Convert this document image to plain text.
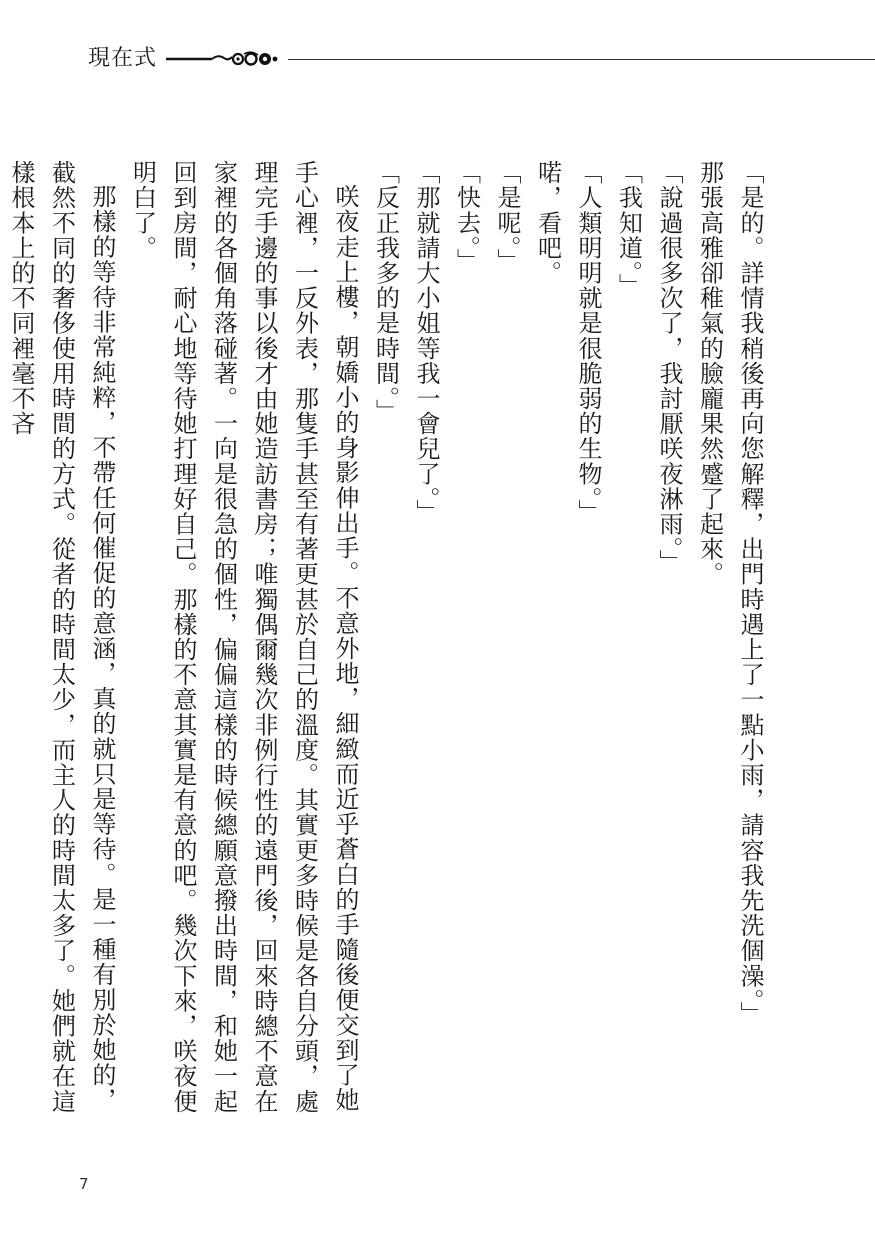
現在式

「是的。詳情我稍後再向您解釋，出門時遇上了一點小雨，請容我先洗個澡。」

那張高雅卻稚氣的臉龐果然蹙了起來。

「說過很多次了，我討厭咲夜淋雨。」

「我知道。」

「人類明明就是很脆弱的生物。」

喏，看吧。

「是呢。」

「快去。」

「那就請大小姐等我一會兒了。」

「反正我多的是時間。」

咲夜走上樓，朝嬌小的身影伸出手。不意外地，細緻而近乎蒼白的手隨後便交到了她手心裡，一反外表，那隻手甚至有著更甚於自己的溫度。其實更多時候是各自分頭，處理完手邊的事以後才由她造訪書房；唯獨偶爾幾次非例行性的遠門後，回來時總不意在家裡的各個角落碰著。一向是很急的個性，偏偏這樣的時候總願意撥出時間，和她一起回到房間，耐心地等待她打理好自己。那樣的不意其實是有意的吧。幾次下來，咲夜便明白了。

那樣的等待非常純粹，不帶任何催促的意涵，真的就只是等待。是一種有別於她的，截然不同的奢侈使用時間的方式。從者的時間太少，而主人的時間太多了。她們就在這樣根本上的不同裡毫不吝

7
